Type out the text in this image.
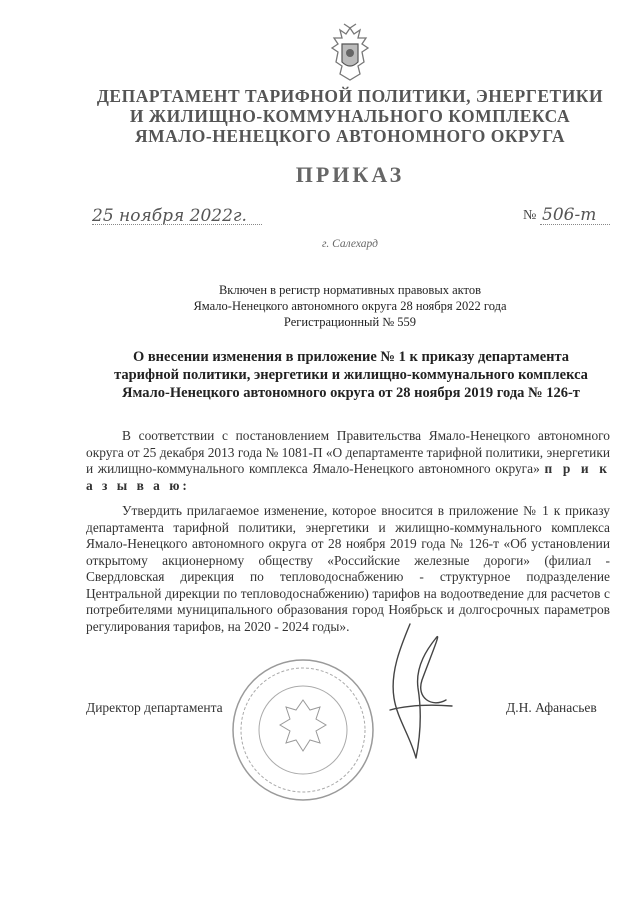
ДЕПАРТАМЕНТ ТАРИФНОЙ ПОЛИТИКИ, ЭНЕРГЕТИКИ
И ЖИЛИЩНО-КОММУНАЛЬНОГО КОМПЛЕКСА
ЯМАЛО-НЕНЕЦКОГО АВТОНОМНОГО ОКРУГА
ПРИКАЗ
25 ноября 2022г.	№ 506-т
г. Салехард
Включен в регистр нормативных правовых актов
Ямало-Ненецкого автономного округа 28 ноября 2022 года
Регистрационный № 559
О внесении изменения в приложение № 1 к приказу департамента
тарифной политики, энергетики и жилищно-коммунального комплекса
Ямало-Ненецкого автономного округа от 28 ноября 2019 года № 126-т
В соответствии с постановлением Правительства Ямало-Ненецкого автономного округа от 25 декабря 2013 года № 1081-П «О департаменте тарифной политики, энергетики и жилищно-коммунального комплекса Ямало-Ненецкого автономного округа» п р и к а з ы в а ю:
Утвердить прилагаемое изменение, которое вносится в приложение № 1 к приказу департамента тарифной политики, энергетики и жилищно-коммунального комплекса Ямало-Ненецкого автономного округа от 28 ноября 2019 года № 126-т «Об установлении открытому акционерному обществу «Российские железные дороги» (филиал - Свердловская дирекция по тепловодоснабжению - структурное подразделение Центральной дирекции по тепловодоснабжению) тарифов на водоотведение для расчетов с потребителями муниципального образования город Ноябрьск и долгосрочных параметров регулирования тарифов, на 2020 - 2024 годы».
Директор департамента	Д.Н. Афанасьев
